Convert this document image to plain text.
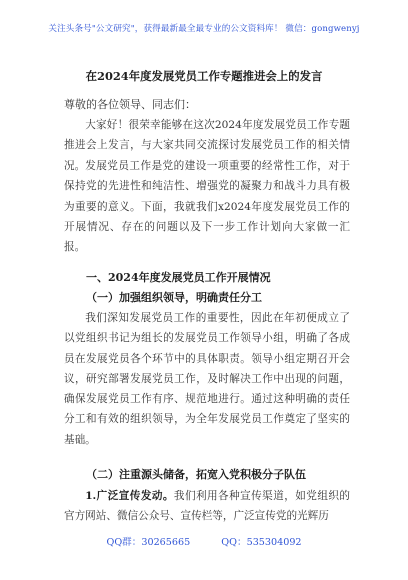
关注头条号"公文研究"，获得最新最全最专业的公文资料库！ 微信：gongwenyj
在2024年度发展党员工作专题推进会上的发言
尊敬的各位领导、同志们：

大家好！很荣幸能够在这次2024年度发展党员工作专题推进会上发言，与大家共同交流探讨发展党员工作的相关情况。 发展党员工作是党的建设一项重要的经常性工作，对于保持党的先进性和纯洁性、增强党的凝聚力和战斗力具有极为重要的意义。下面，我就我们x2024年度发展党员工作的开展情况、存在的问题以及下一步工作计划向大家做一汇报。

一、2024年度发展党员工作开展情况
（一）加强组织领导，明确责任分工

我们深知发展党员工作的重要性，因此在年初便成立了以党组织书记为组长的发展党员工作领导小组，明确了各成员在发展党员各个环节中的具体职责。领导小组定期召开会议，研究部署发展党员工作，及时解决工作中出现的问题，确保发展党员工作有序、规范地进行。通过这种明确的责任分工和有效的组织领导，为全年发展党员工作奠定了坚实的基础。

（二）注重源头储备，拓宽入党积极分子队伍

1.广泛宣传发动。我们利用各种宣传渠道，如党组织的官方网站、微信公众号、宣传栏等，广泛宣传党的光辉历

QQ群：30265665	QQ：535304092
